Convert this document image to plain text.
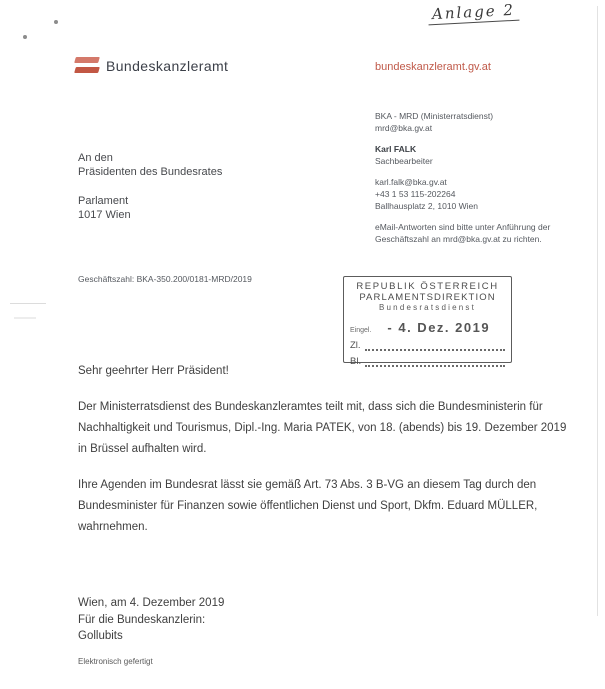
Anlage 2
Bundeskanzleramt	bundeskanzleramt.gv.at
BKA - MRD (Ministerratsdienst)
mrd@bka.gv.at
Karl FALK
Sachbearbeiter
karl.falk@bka.gv.at
+43 1 53 115-202264
Ballhausplatz 2, 1010 Wien
eMail-Antworten sind bitte unter Anführung der
Geschäftszahl an mrd@bka.gv.at zu richten.
An den
Präsidenten des Bundesrates
Parlament
1017 Wien
Geschäftszahl: BKA-350.200/0181-MRD/2019
REPUBLIK ÖSTERREICH
PARLAMENTSDIREKTION
Bundesratsdienst
Eingel. - 4. Dez. 2019
Zl.
Bl.
Sehr geehrter Herr Präsident!
Der Ministerratsdienst des Bundeskanzleramtes teilt mit, dass sich die Bundesministerin für Nachhaltigkeit und Tourismus, Dipl.-Ing. Maria PATEK, von 18. (abends) bis 19. Dezember 2019 in Brüssel aufhalten wird.
Ihre Agenden im Bundesrat lässt sie gemäß Art. 73 Abs. 3 B-VG an diesem Tag durch den Bundesminister für Finanzen sowie öffentlichen Dienst und Sport, Dkfm. Eduard MÜLLER, wahrnehmen.
Wien, am 4. Dezember 2019
Für die Bundeskanzlerin:
Gollubits
Elektronisch gefertigt
